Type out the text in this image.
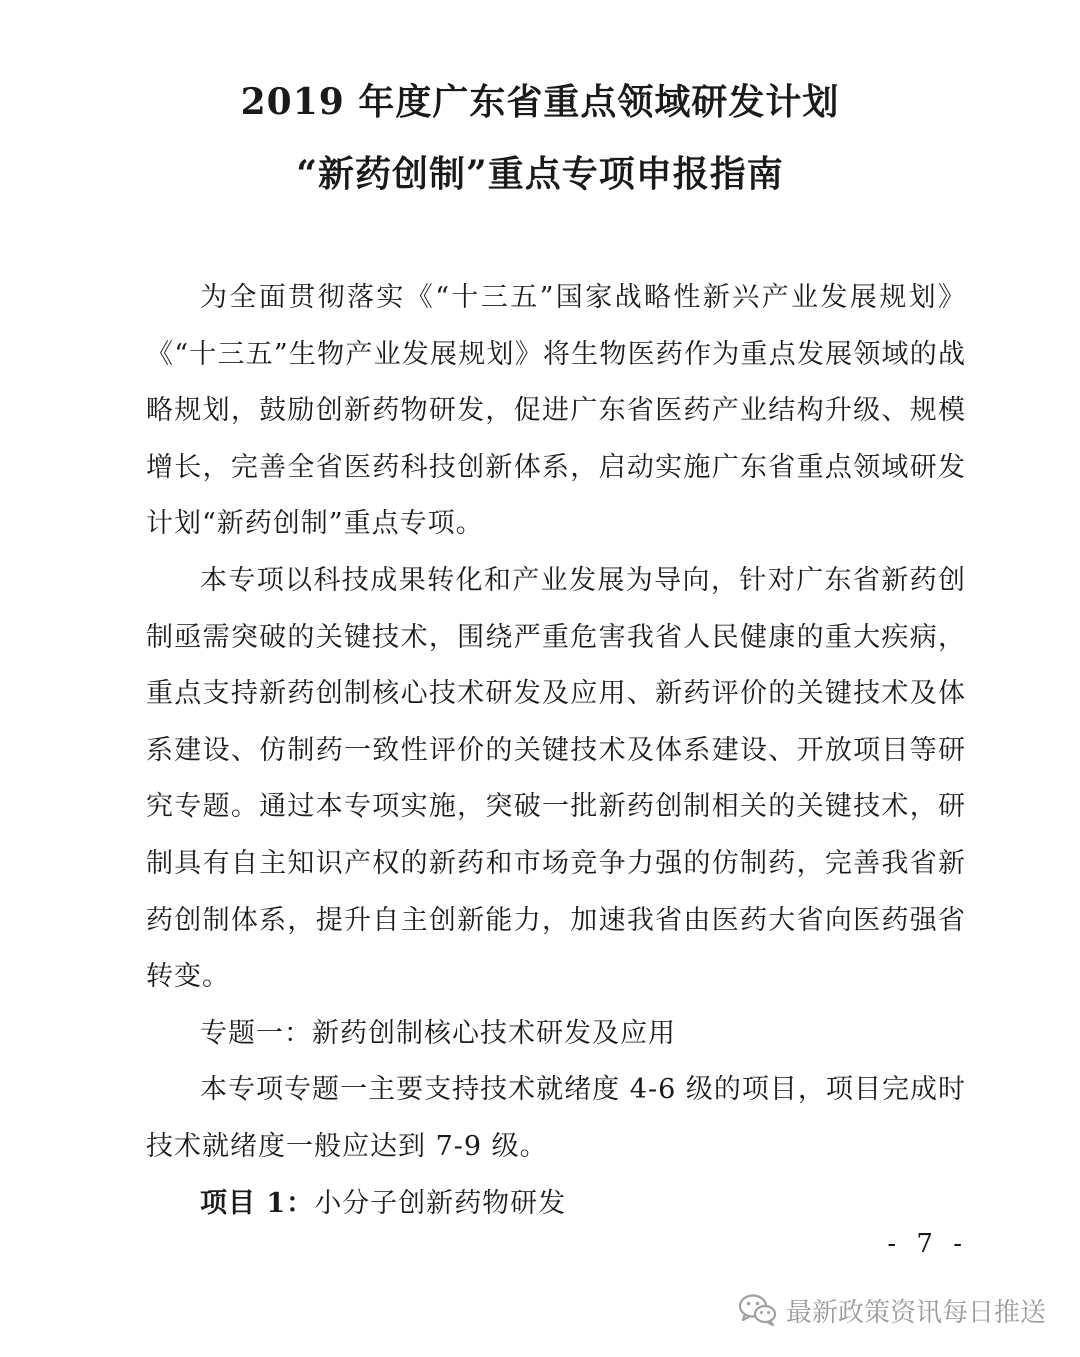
2019 年度广东省重点领域研发计划
“新药创制”重点专项申报指南

为全面贯彻落实《“十三五”国家战略性新兴产业发展规划》《“十三五”生物产业发展规划》将生物医药作为重点发展领域的战略规划，鼓励创新药物研发，促进广东省医药产业结构升级、规模增长，完善全省医药科技创新体系，启动实施广东省重点领域研发计划“新药创制”重点专项。

本专项以科技成果转化和产业发展为导向，针对广东省新药创制亟需突破的关键技术，围绕严重危害我省人民健康的重大疾病，重点支持新药创制核心技术研发及应用、新药评价的关键技术及体系建设、仿制药一致性评价的关键技术及体系建设、开放项目等研究专题。通过本专项实施，突破一批新药创制相关的关键技术，研制具有自主知识产权的新药和市场竞争力强的仿制药，完善我省新药创制体系，提升自主创新能力，加速我省由医药大省向医药强省转变。

专题一：新药创制核心技术研发及应用

本专项专题一主要支持技术就绪度 4-6 级的项目，项目完成时技术就绪度一般应达到 7-9 级。

项目 1：小分子创新药物研发

- 7 -
最新政策资讯每日推送
